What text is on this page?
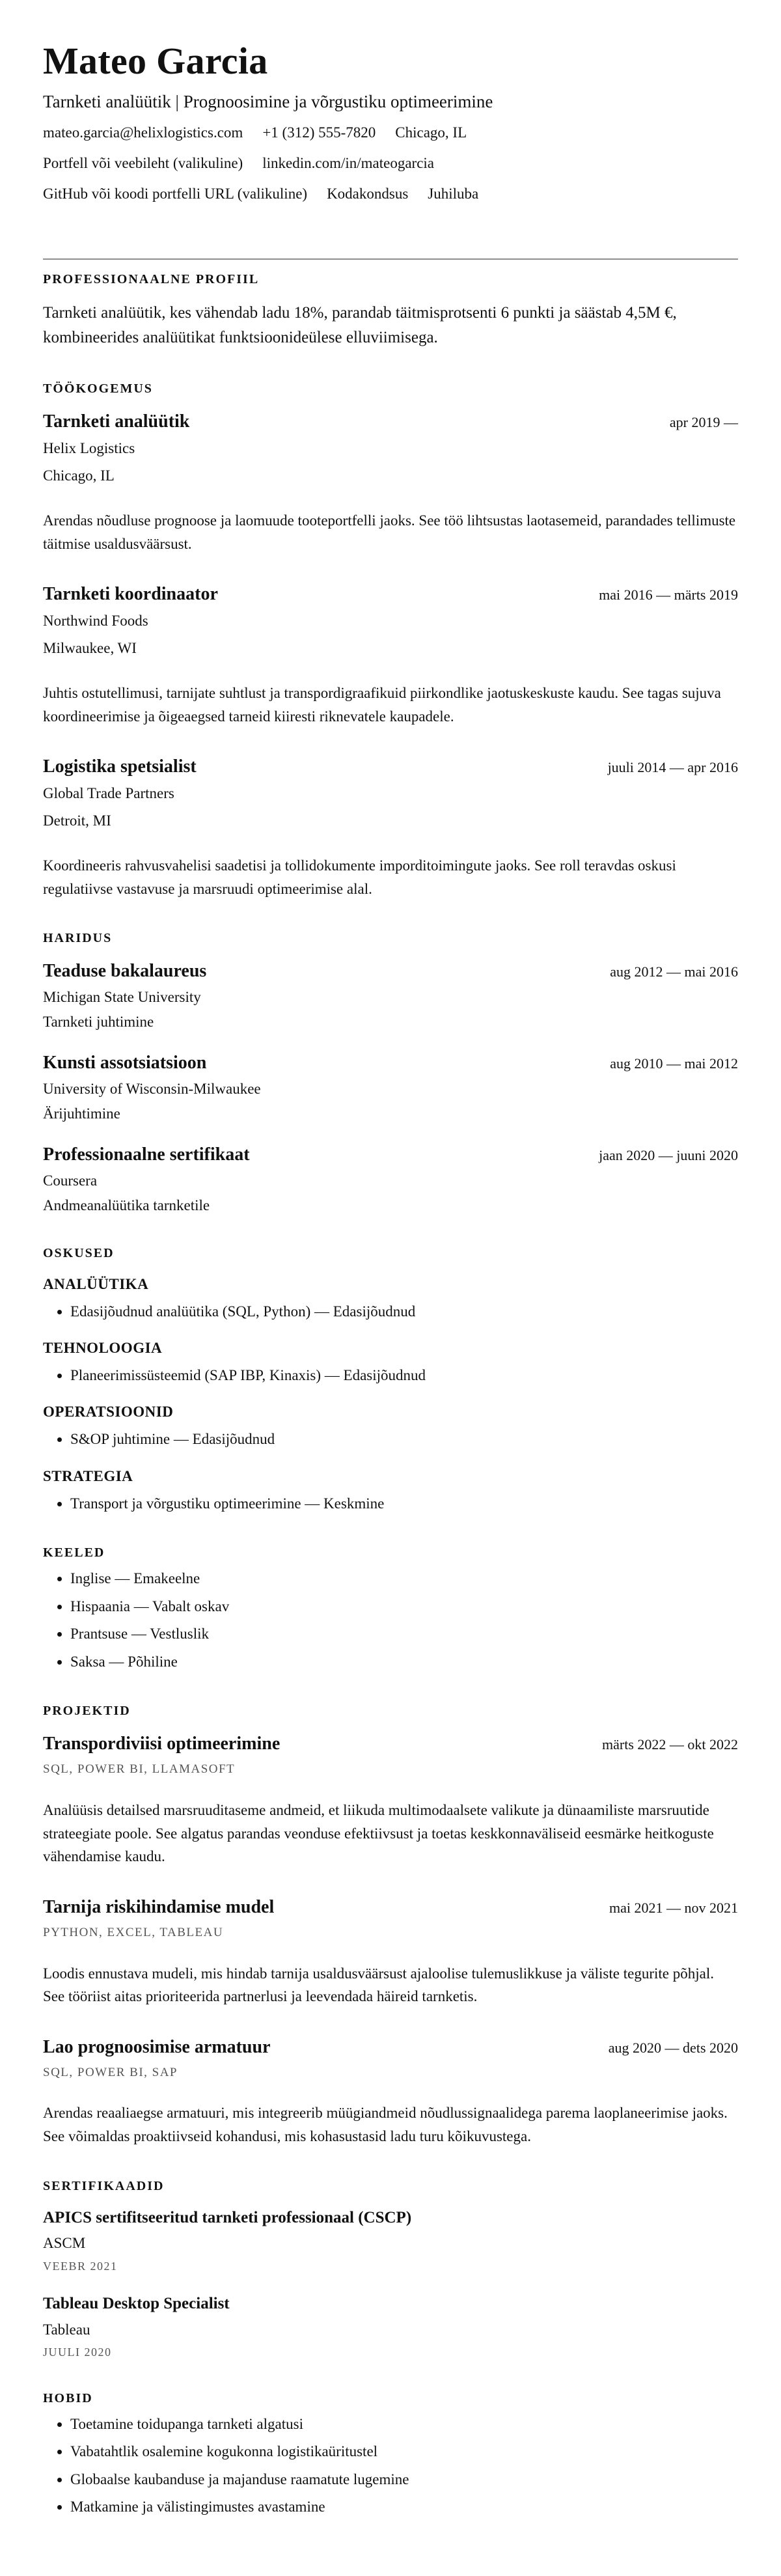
Mateo Garcia
Tarnketi analüütik | Prognoosimine ja võrgustiku optimeerimine
mateo.garcia@helixlogistics.com +1 (312) 555-7820 Chicago, IL
Portfell või veebileht (valikuline) linkedin.com/in/mateogarcia
GitHub või koodi portfelli URL (valikuline) Kodakondsus Juhiluba
PROFESSIONAALNE PROFIIL

Tarnketi analüütik, kes vähendab ladu 18%, parandab täitmisprotsenti 6 punkti ja säästab 4,5M €, kombineerides analüütikat funktsioonideülese elluviimisega.

TÖÖKOGEMUS
Tarnketi analüütik	apr 2019 —
Helix Logistics
Chicago, IL

Arendas nõudluse prognoose ja laomuude tooteportfelli jaoks. See töö lihtsustas laotasemeid, parandades tellimuste täitmise usaldusväärsust.

Tarnketi koordinaator	mai 2016 — märts 2019
Northwind Foods
Milwaukee, WI

Juhtis ostutellimusi, tarnijate suhtlust ja transpordigraafikuid piirkondlike jaotuskeskuste kaudu. See tagas sujuva koordineerimise ja õigeaegsed tarneid kiiresti riknevatele kaupadele.

Logistika spetsialist	juuli 2014 — apr 2016
Global Trade Partners
Detroit, MI

Koordineeris rahvusvahelisi saadetisi ja tollidokumente imporditoimingute jaoks. See roll teravdas oskusi regulatiivse vastavuse ja marsruudi optimeerimise alal.

HARIDUS
Teaduse bakalaureus	aug 2012 — mai 2016
Michigan State University
Tarnketi juhtimine
Kunsti assotsiatsioon	aug 2010 — mai 2012
University of Wisconsin-Milwaukee
Ärijuhtimine
Professionaalne sertifikaat	jaan 2020 — juuni 2020
Coursera
Andmeanalüütika tarnketile
OSKUSED
ANALÜÜTIKA
• Edasijõudnud analüütika (SQL, Python) — Edasijõudnud
TEHNOLOOGIA
• Planeerimissüsteemid (SAP IBP, Kinaxis) — Edasijõudnud
OPERATSIOONID
• S&OP juhtimine — Edasijõudnud
STRATEGIA
• Transport ja võrgustiku optimeerimine — Keskmine
KEELED
• Inglise — Emakeelne
• Hispaania — Vabalt oskav
• Prantsuse — Vestluslik
• Saksa — Põhiline
PROJEKTID
Transpordiviisi optimeerimine	märts 2022 — okt 2022
SQL, POWER BI, LLAMASOFT

Analüüsis detailsed marsruuditaseme andmeid, et liikuda multimodaalsete valikute ja dünaamiliste marsruutide strateegiate poole. See algatus parandas veonduse efektiivsust ja toetas keskkonnaväliseid eesmärke heitkoguste vähendamise kaudu.

Tarnija riskihindamise mudel	mai 2021 — nov 2021
PYTHON, EXCEL, TABLEAU

Loodis ennustava mudeli, mis hindab tarnija usaldusväärsust ajaloolise tulemuslikkuse ja väliste tegurite põhjal. See tööriist aitas prioriteerida partnerlusi ja leevendada häireid tarnketis.

Lao prognoosimise armatuur	aug 2020 — dets 2020
SQL, POWER BI, SAP

Arendas reaaliaegse armatuuri, mis integreerib müügiandmeid nõudlussignaalidega parema laoplaneerimise jaoks. See võimaldas proaktiivseid kohandusi, mis kohasustasid ladu turu kõikuvustega.

SERTIFIKAADID
APICS sertifitseeritud tarnketi professionaal (CSCP)
ASCM
VEEBR 2021
Tableau Desktop Specialist
Tableau
JUULI 2020
HOBID
• Toetamine toidupanga tarnketi algatusi
• Vabatahtlik osalemine kogukonna logistikaüritustel
• Globaalse kaubanduse ja majanduse raamatute lugemine
• Matkamine ja välistingimustes avastamine
